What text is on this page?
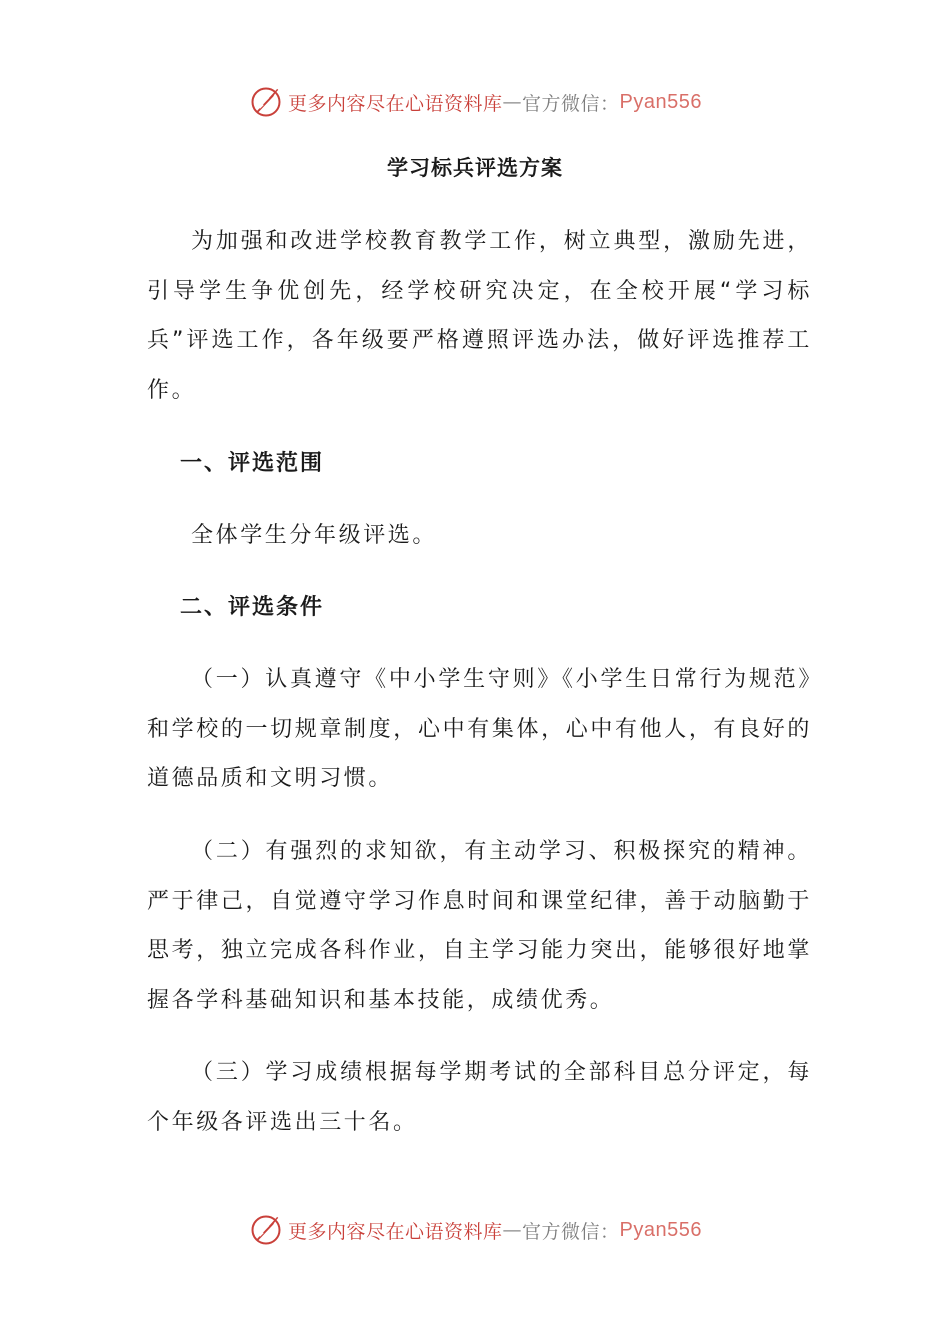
更多内容尽在心语资料库 — 官方微信： Pyan556
学习标兵评选方案

为加强和改进学校教育教学工作，树立典型，激励先进，引导学生争优创先，经学校研究决定，在全校开展“学习标兵”评选工作，各年级要严格遵照评选办法，做好评选推荐工作。

一、评选范围

全体学生分年级评选。

二、评选条件

（一）认真遵守《中小学生守则》《小学生日常行为规范》和学校的一切规章制度，心中有集体，心中有他人，有良好的道德品质和文明习惯。

（二）有强烈的求知欲，有主动学习、积极探究的精神。严于律己，自觉遵守学习作息时间和课堂纪律，善于动脑勤于思考，独立完成各科作业，自主学习能力突出，能够很好地掌握各学科基础知识和基本技能，成绩优秀。

（三）学习成绩根据每学期考试的全部科目总分评定，每个年级各评选出三十名。

更多内容尽在心语资料库 — 官方微信： Pyan556
